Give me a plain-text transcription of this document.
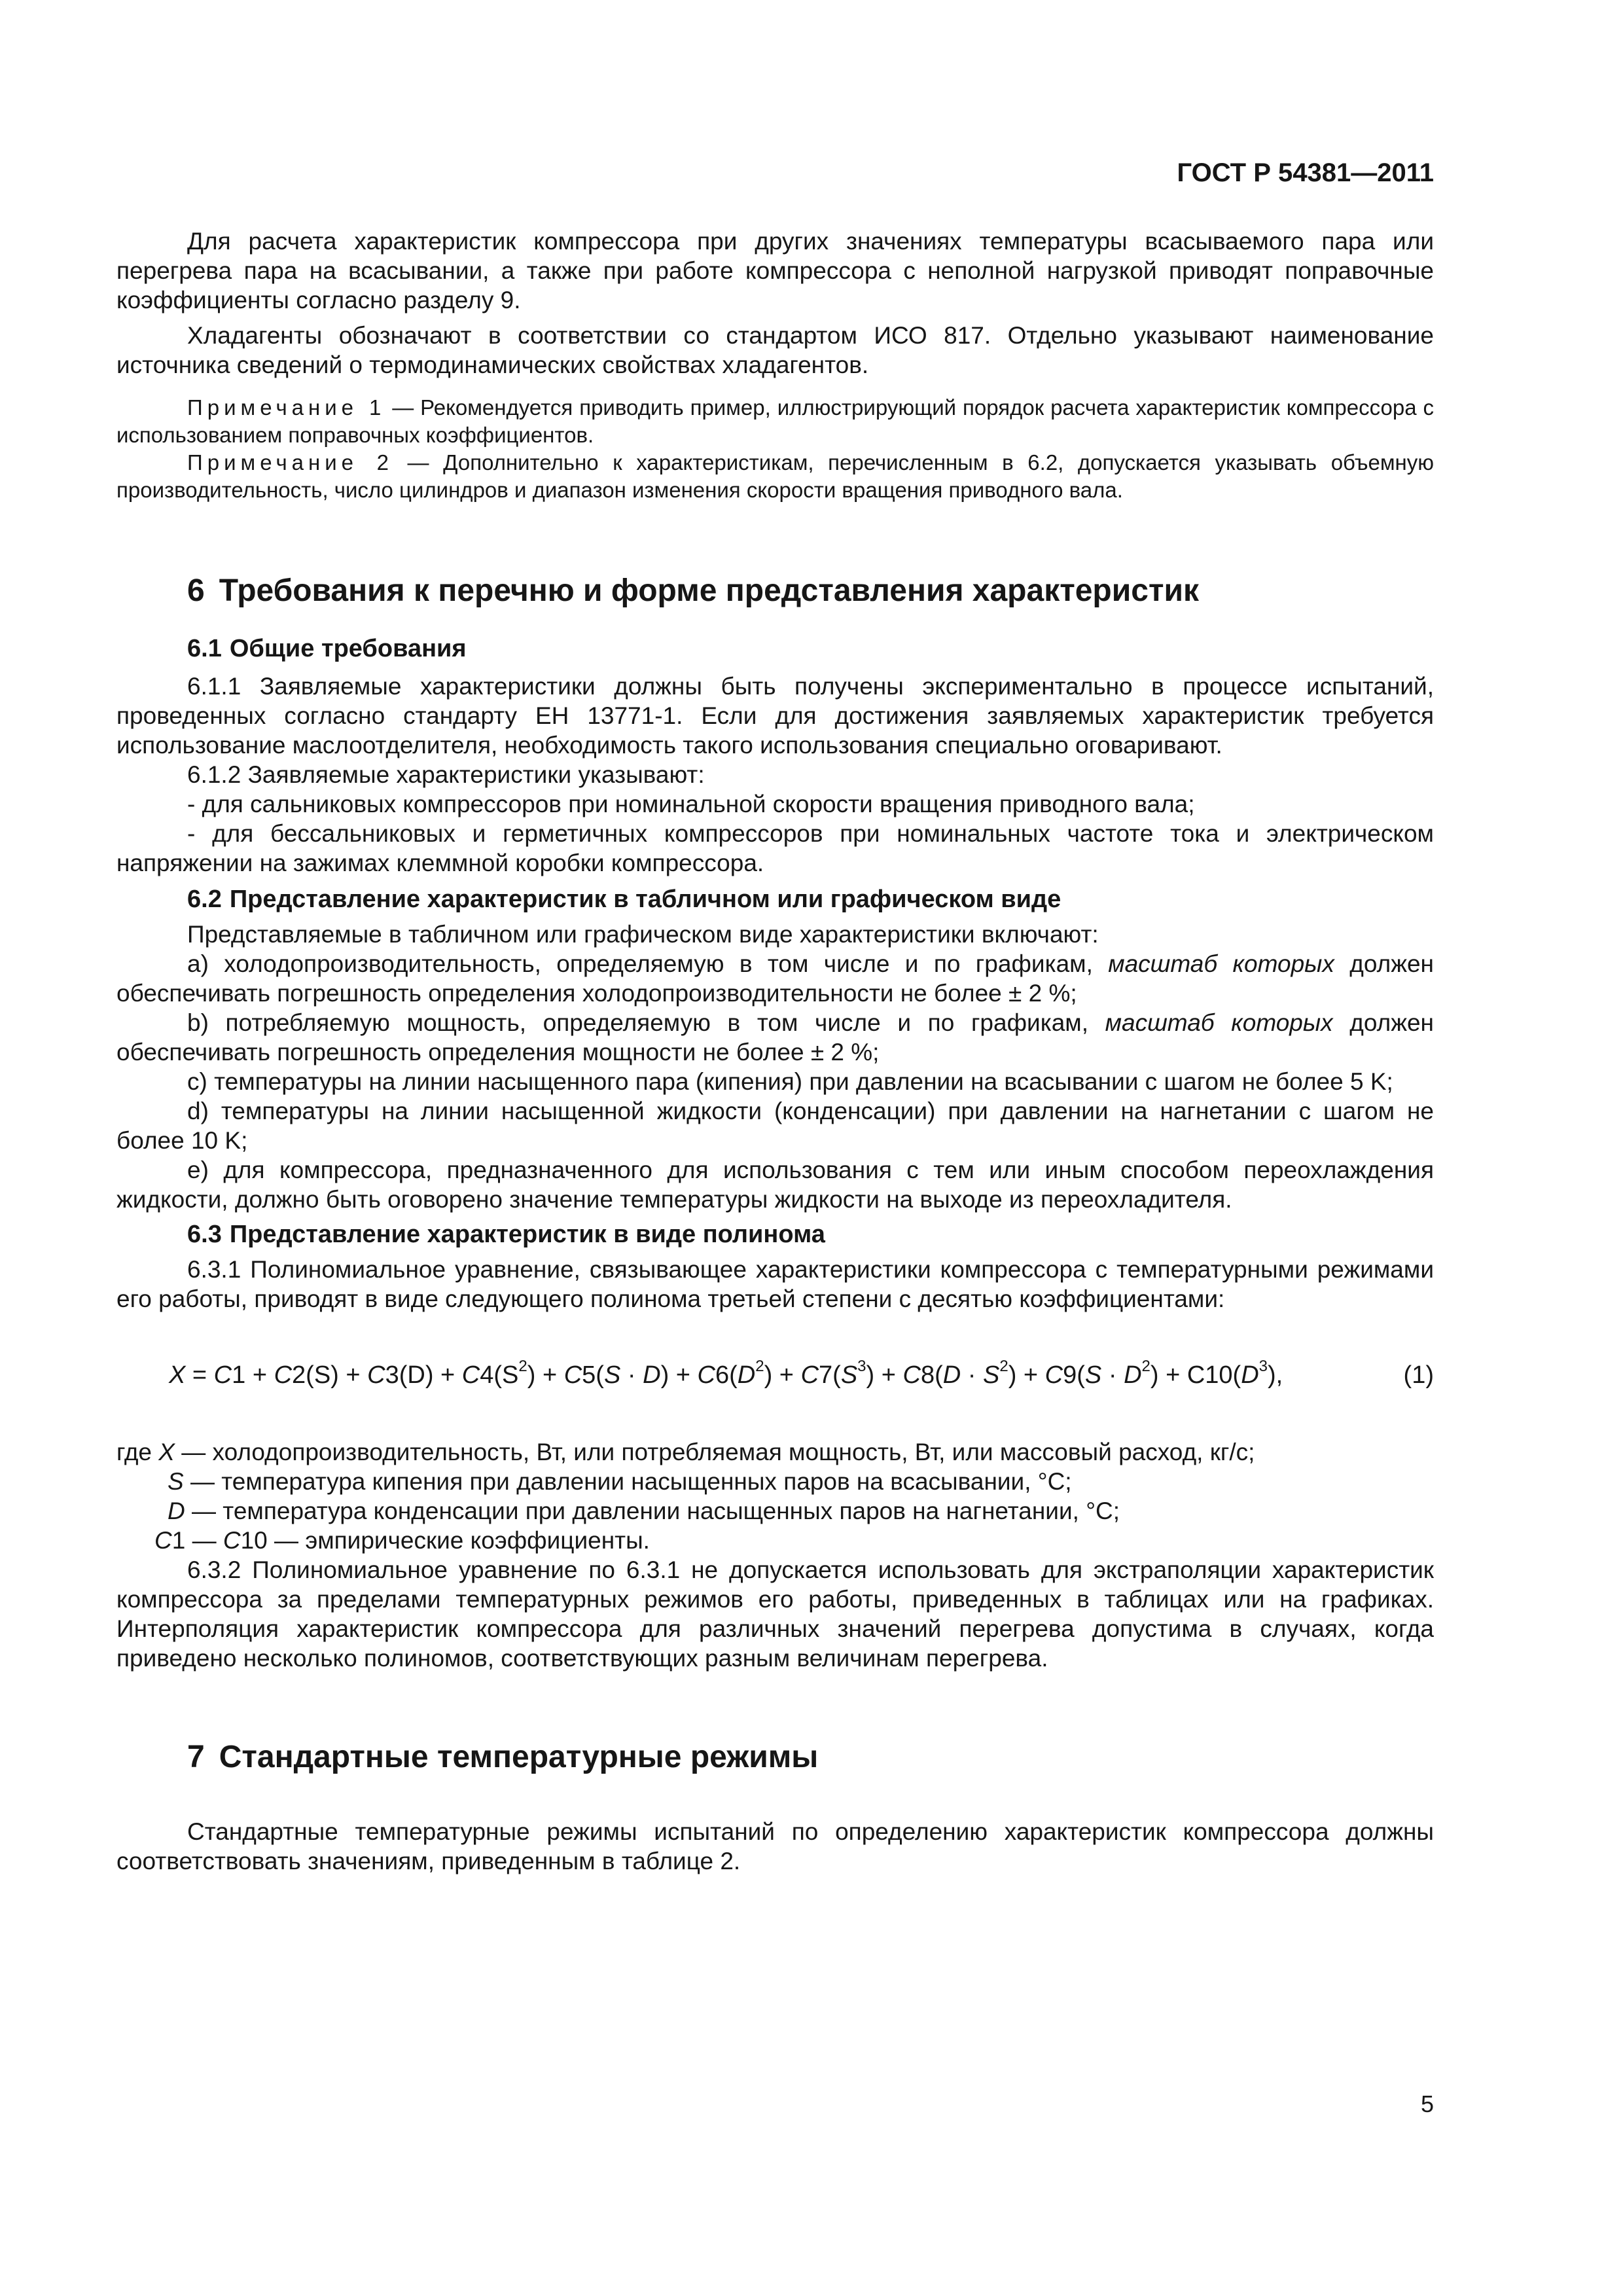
ГОСТ Р 54381—2011

Для расчета характеристик компрессора при других значениях температуры всасываемого пара или перегрева пара на всасывании, а также при работе компрессора с неполной нагрузкой приводят поправочные коэффициенты согласно разделу 9.

Хладагенты обозначают в соответствии со стандартом ИСО 817. Отдельно указывают наименование источника сведений о термодинамических свойствах хладагентов.

Примечание 1 — Рекомендуется приводить пример, иллюстрирующий порядок расчета характеристик компрессора с использованием поправочных коэффициентов.

Примечание 2 — Дополнительно к характеристикам, перечисленным в 6.2, допускается указывать объемную производительность, число цилиндров и диапазон изменения скорости вращения приводного вала.

6 Требования к перечню и форме представления характеристик
6.1 Общие требования

6.1.1 Заявляемые характеристики должны быть получены экспериментально в процессе испытаний, проведенных согласно стандарту ЕН 13771-1. Если для достижения заявляемых характеристик требуется использование маслоотделителя, необходимость такого использования специально оговаривают.

6.1.2 Заявляемые характеристики указывают:

- для сальниковых компрессоров при номинальной скорости вращения приводного вала;

- для бессальниковых и герметичных компрессоров при номинальных частоте тока и электрическом напряжении на зажимах клеммной коробки компрессора.

6.2 Представление характеристик в табличном или графическом виде

Представляемые в табличном или графическом виде характеристики включают:

a) холодопроизводительность, определяемую в том числе и по графикам, масштаб которых должен обеспечивать погрешность определения холодопроизводительности не более ± 2 %;

b) потребляемую мощность, определяемую в том числе и по графикам, масштаб которых должен обеспечивать погрешность определения мощности не более ± 2 %;

c) температуры на линии насыщенного пара (кипения) при давлении на всасывании с шагом не более 5 K;

d) температуры на линии насыщенной жидкости (конденсации) при давлении на нагнетании с шагом не более 10 K;

e) для компрессора, предназначенного для использования с тем или иным способом переохлаждения жидкости, должно быть оговорено значение температуры жидкости на выходе из переохладителя.

6.3 Представление характеристик в виде полинома

6.3.1 Полиномиальное уравнение, связывающее характеристики компрессора с температурными режимами его работы, приводят в виде следующего полинома третьей степени с десятью коэффициентами:

$X = C1 + C2(S) + C3(D) + C4(S^2) + C5(S \cdot D) + C6(D^2) + C7(S^3) + C8(D \cdot S^2) + C9(S \cdot D^2) + C10(D^3)$,	(1)

где X — холодопроизводительность, Вт, или потребляемая мощность, Вт, или массовый расход, кг/с;

S — температура кипения при давлении насыщенных паров на всасывании, °С;

D — температура конденсации при давлении насыщенных паров на нагнетании, °С;

C1 — C10 — эмпирические коэффициенты.

6.3.2 Полиномиальное уравнение по 6.3.1 не допускается использовать для экстраполяции характеристик компрессора за пределами температурных режимов его работы, приведенных в таблицах или на графиках. Интерполяция характеристик компрессора для различных значений перегрева допустима в случаях, когда приведено несколько полиномов, соответствующих разным величинам перегрева.

7 Стандартные температурные режимы

Стандартные температурные режимы испытаний по определению характеристик компрессора должны соответствовать значениям, приведенным в таблице 2.

5
